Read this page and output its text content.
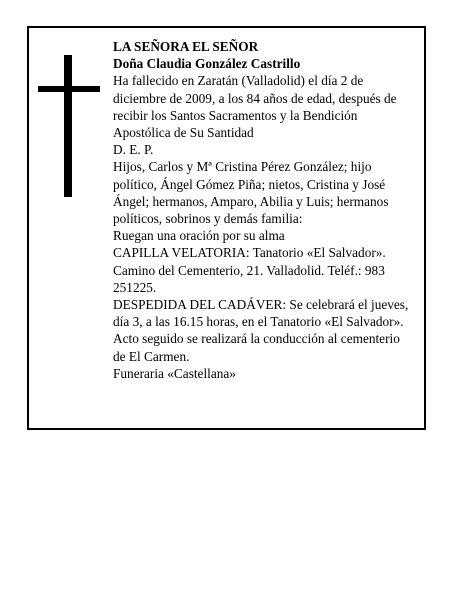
LA SEÑORA EL SEÑOR

Doña Claudia González Castrillo

Ha fallecido en Zaratán (Valladolid) el día 2 de diciembre de 2009, a los 84 años de edad, después de recibir los Santos Sacramentos y la Bendición Apostólica de Su Santidad

D. E. P.

Hijos, Carlos y Mª Cristina Pérez González; hijo político, Ángel Gómez Piña; nietos, Cristina y José Ángel; hermanos, Amparo, Abilia y Luis; hermanos políticos, sobrinos y demás familia:

Ruegan una oración por su alma

CAPILLA VELATORIA: Tanatorio «El Salvador». Camino del Cementerio, 21. Valladolid. Teléf.: 983 251225.

DESPEDIDA DEL CADÁVER: Se celebrará el jueves, día 3, a las 16.15 horas, en el Tanatorio «El Salvador». Acto seguido se realizará la conducción al cementerio de El Carmen.

Funeraria «Castellana»
